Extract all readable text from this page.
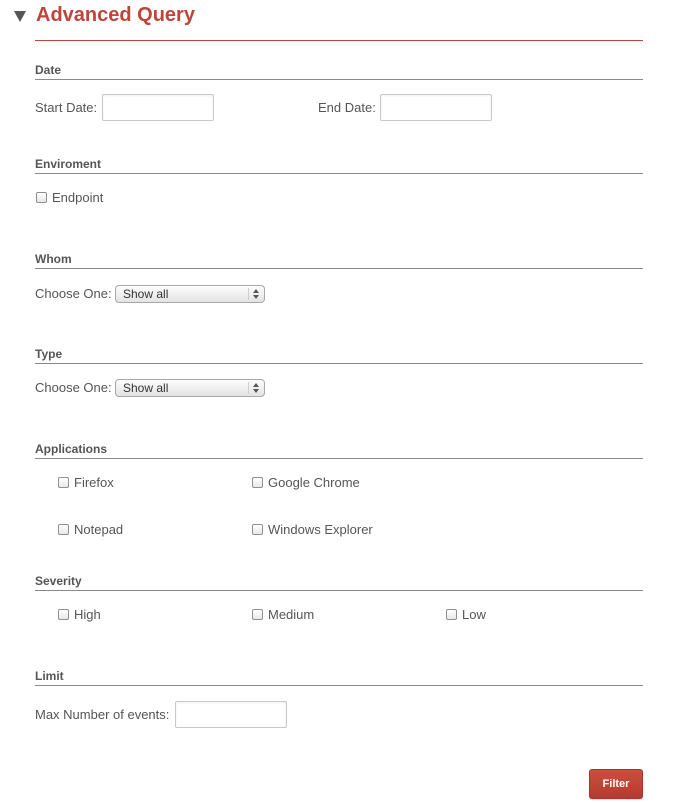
Advanced Query
Date
Start Date:	End Date:
Enviroment
Endpoint
Whom
Choose One: Show all
Type
Choose One: Show all
Applications
Firefox	Google Chrome
Notepad	Windows Explorer
Severity
High	Medium	Low
Limit
Max Number of events:
Filter
